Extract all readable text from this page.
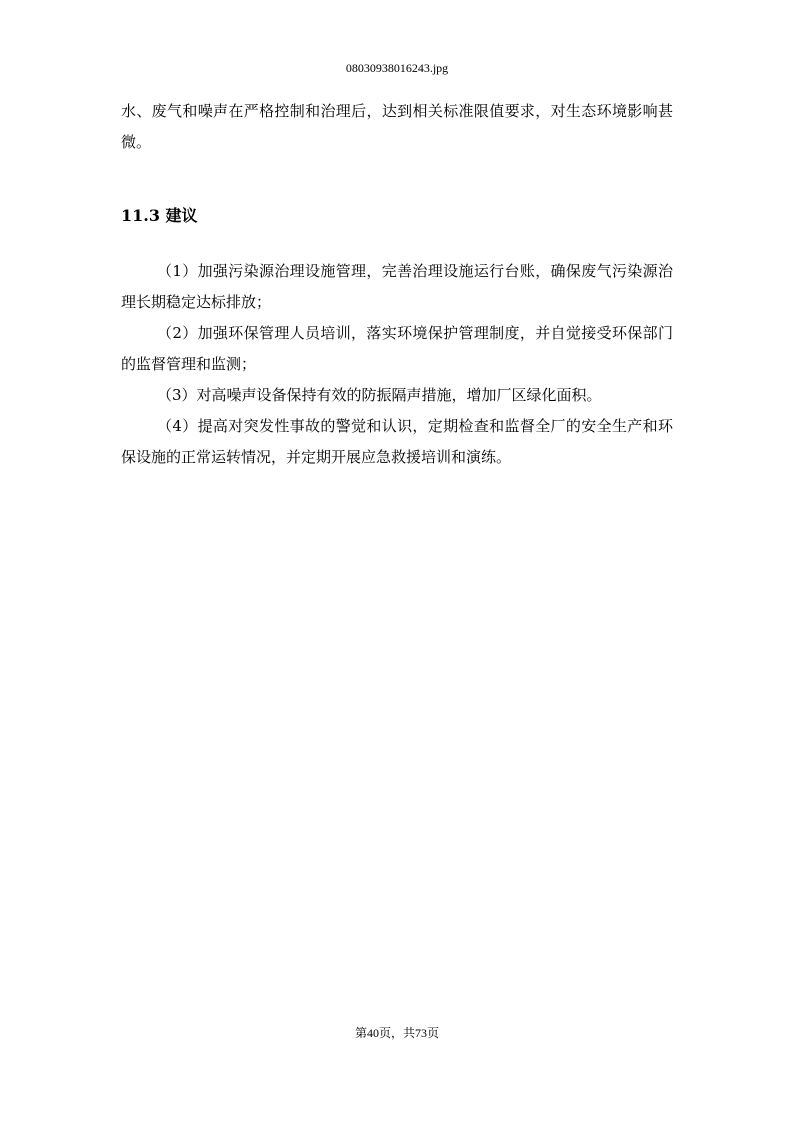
08030938016243.jpg

水、废气和噪声在严格控制和治理后，达到相关标准限值要求，对生态环境影响甚微。

11.3 建议

（1）加强污染源治理设施管理，完善治理设施运行台账，确保废气污染源治理长期稳定达标排放；

（2）加强环保管理人员培训，落实环境保护管理制度，并自觉接受环保部门的监督管理和监测；

（3）对高噪声设备保持有效的防振隔声措施，增加厂区绿化面积。

（4）提高对突发性事故的警觉和认识，定期检查和监督全厂的安全生产和环保设施的正常运转情况，并定期开展应急救援培训和演练。

第40页，共73页
